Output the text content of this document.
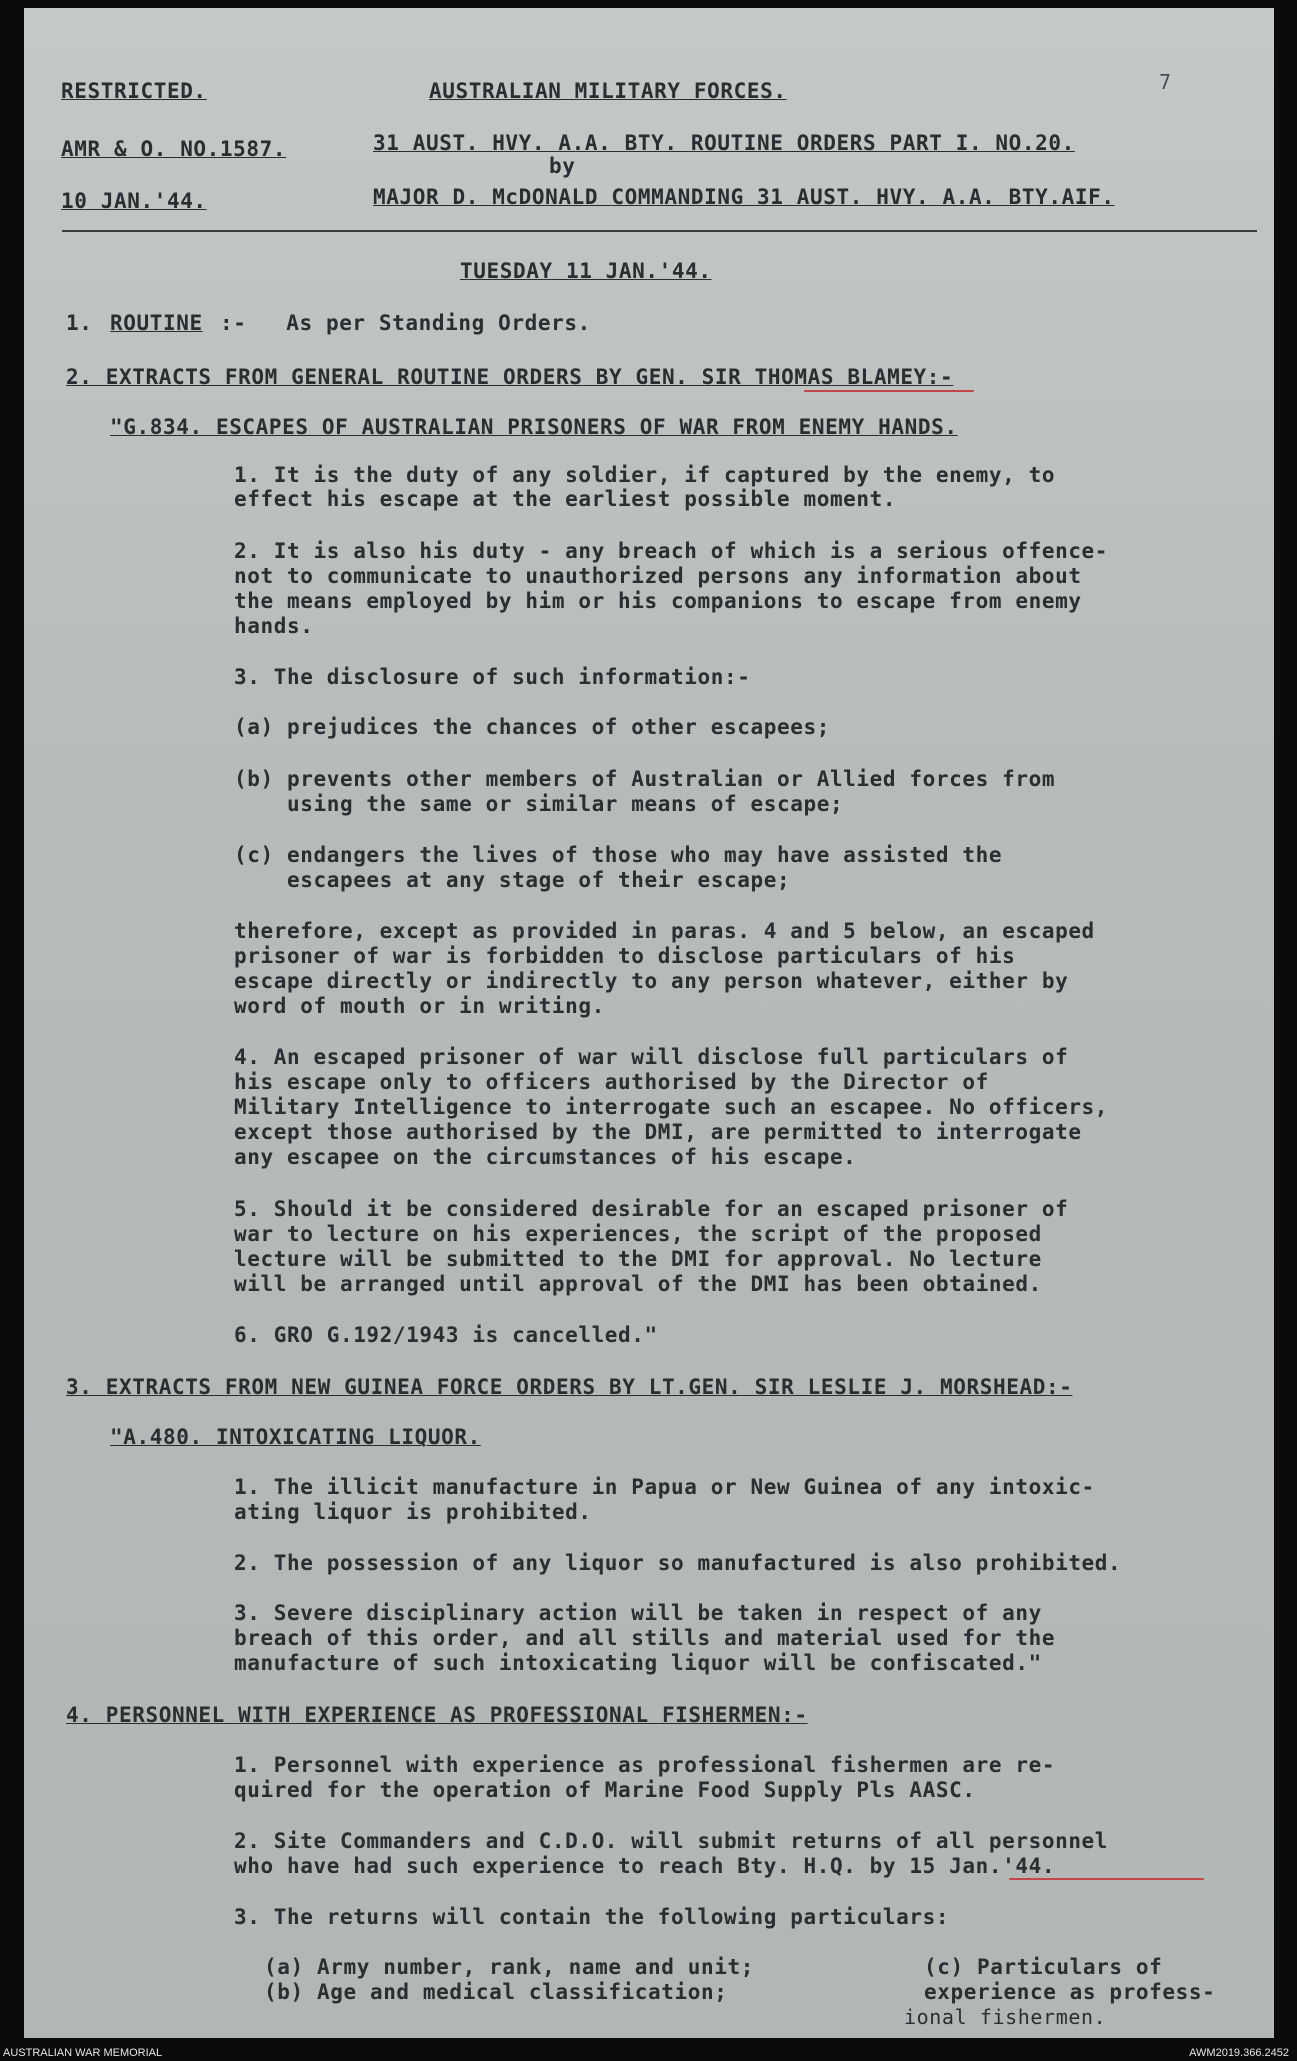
RESTRICTED.	AUSTRALIAN MILITARY FORCES.	7
AMR & O. NO.1587.	31 AUST. HVY. A.A. BTY. ROUTINE ORDERS PART I. NO.20.
by
10 JAN.'44.	MAJOR D. McDONALD COMMANDING 31 AUST. HVY. A.A. BTY.AIF.
TUESDAY 11 JAN.'44.
1. ROUTINE :-   As per Standing Orders.
2. EXTRACTS FROM GENERAL ROUTINE ORDERS BY GEN. SIR THOMAS BLAMEY:-
"G.834. ESCAPES OF AUSTRALIAN PRISONERS OF WAR FROM ENEMY HANDS.
1. It is the duty of any soldier, if captured by the enemy, to
effect his escape at the earliest possible moment.
2. It is also his duty - any breach of which is a serious offence-
not to communicate to unauthorized persons any information about
the means employed by him or his companions to escape from enemy
hands.
3. The disclosure of such information:-
(a) prejudices the chances of other escapees;
(b) prevents other members of Australian or Allied forces from
using the same or similar means of escape;
(c) endangers the lives of those who may have assisted the
escapees at any stage of their escape;
therefore, except as provided in paras. 4 and 5 below, an escaped
prisoner of war is forbidden to disclose particulars of his
escape directly or indirectly to any person whatever, either by
word of mouth or in writing.
4. An escaped prisoner of war will disclose full particulars of
his escape only to officers authorised by the Director of
Military Intelligence to interrogate such an escapee. No officers,
except those authorised by the DMI, are permitted to interrogate
any escapee on the circumstances of his escape.
5. Should it be considered desirable for an escaped prisoner of
war to lecture on his experiences, the script of the proposed
lecture will be submitted to the DMI for approval. No lecture
will be arranged until approval of the DMI has been obtained.
6. GRO G.192/1943 is cancelled."
3. EXTRACTS FROM NEW GUINEA FORCE ORDERS BY LT.GEN. SIR LESLIE J. MORSHEAD:-
"A.480. INTOXICATING LIQUOR.
1. The illicit manufacture in Papua or New Guinea of any intoxic-
ating liquor is prohibited.
2. The possession of any liquor so manufactured is also prohibited.
3. Severe disciplinary action will be taken in respect of any
breach of this order, and all stills and material used for the
manufacture of such intoxicating liquor will be confiscated."
4. PERSONNEL WITH EXPERIENCE AS PROFESSIONAL FISHERMEN:-
1. Personnel with experience as professional fishermen are re-
quired for the operation of Marine Food Supply Pls AASC.
2. Site Commanders and C.D.O. will submit returns of all personnel
who have had such experience to reach Bty. H.Q. by 15 Jan.'44.
3. The returns will contain the following particulars:
(a) Army number, rank, name and unit;
(b) Age and medical classification;
(c) Particulars of
experience as profess-
ional fishermen.
AUSTRALIAN WAR MEMORIAL	AWM2019.366.2452
